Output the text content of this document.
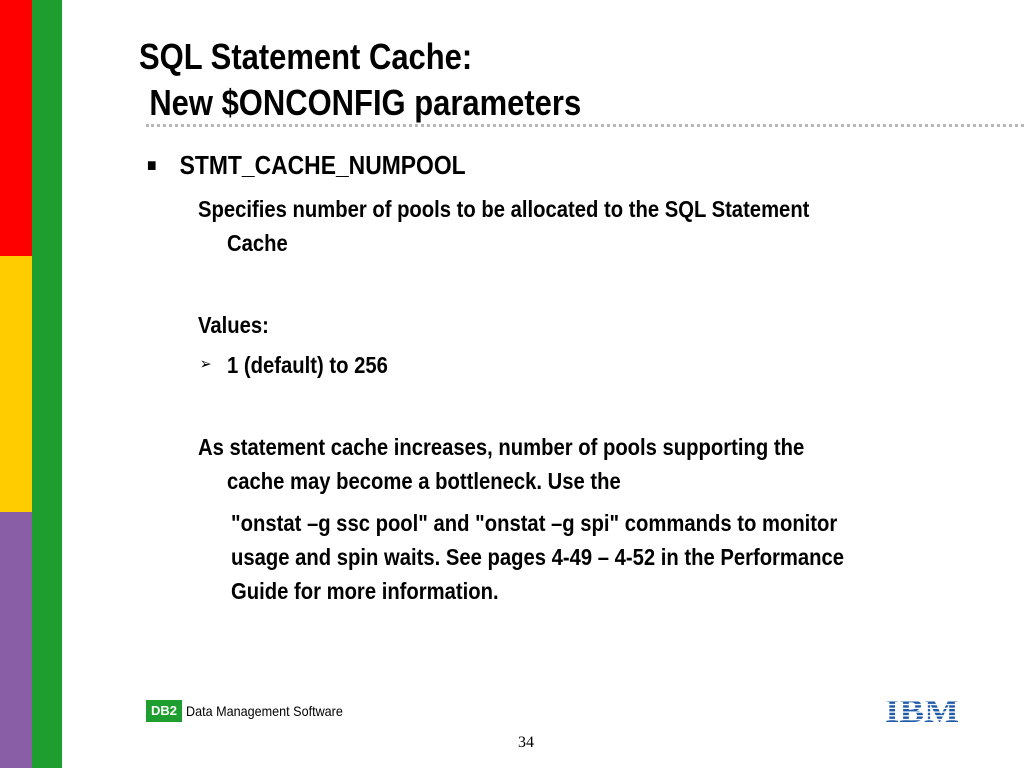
SQL Statement Cache:
New $ONCONFIG parameters
■ STMT_CACHE_NUMPOOL
Specifies number of pools to be allocated to the SQL Statement
Cache
Values:
➢ 1 (default) to 256
As statement cache increases, number of pools supporting the
cache may become a bottleneck. Use the
"onstat –g ssc pool" and "onstat –g spi" commands to monitor
usage and spin waits. See pages 4-49 – 4-52 in the Performance
Guide for more information.
DB2 Data Management Software	IBM
34
